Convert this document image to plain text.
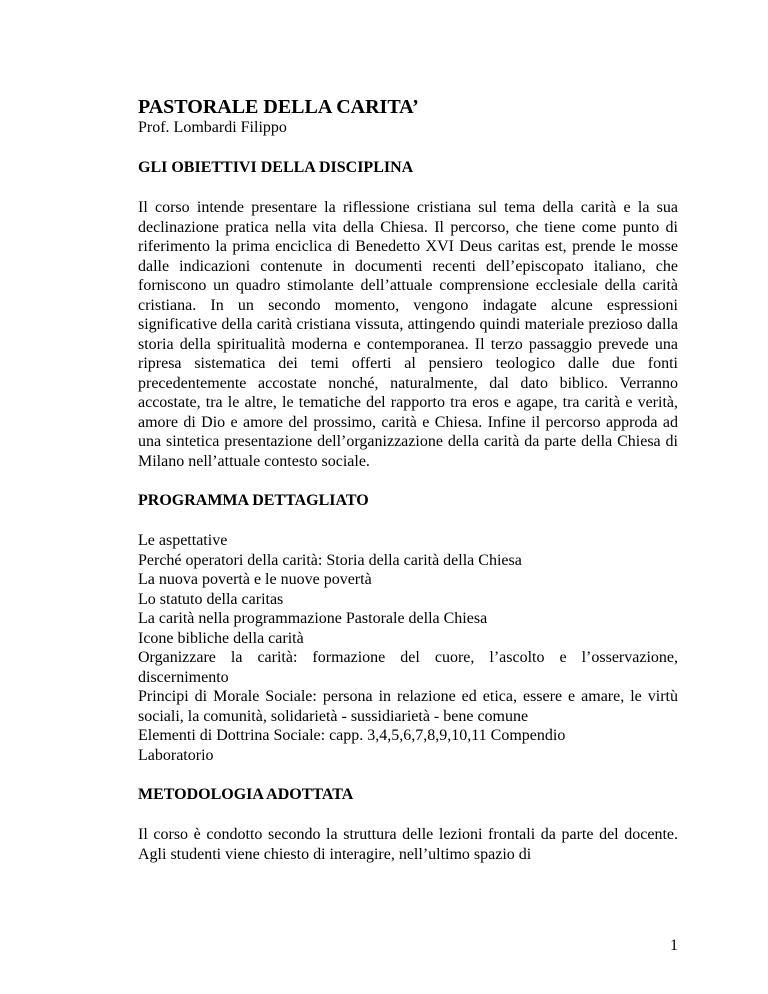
PASTORALE DELLA CARITA’

Prof. Lombardi Filippo

GLI OBIETTIVI DELLA DISCIPLINA

Il corso intende presentare la riflessione cristiana sul tema della carità e la sua declinazione pratica nella vita della Chiesa. Il percorso, che tiene come punto di riferimento la prima enciclica di Benedetto XVI Deus caritas est, prende le mosse dalle indicazioni contenute in documenti recenti dell’episcopato italiano, che forniscono un quadro stimolante dell’attuale comprensione ecclesiale della carità cristiana. In un secondo momento, vengono indagate alcune espressioni significative della carità cristiana vissuta, attingendo quindi materiale prezioso dalla storia della spiritualità moderna e contemporanea. Il terzo passaggio prevede una ripresa sistematica dei temi offerti al pensiero teologico dalle due fonti precedentemente accostate nonché, naturalmente, dal dato biblico. Verranno accostate, tra le altre, le tematiche del rapporto tra eros e agape, tra carità e verità, amore di Dio e amore del prossimo, carità e Chiesa. Infine il percorso approda ad una sintetica presentazione dell’organizzazione della carità da parte della Chiesa di Milano nell’attuale contesto sociale.

PROGRAMMA DETTAGLIATO
Le aspettative
Perché operatori della carità: Storia della carità della Chiesa
La nuova povertà e le nuove povertà
Lo statuto della caritas
La carità nella programmazione Pastorale della Chiesa
Icone bibliche della carità
Organizzare la carità: formazione del cuore, l’ascolto e l’osservazione, discernimento
Principi di Morale Sociale: persona in relazione ed etica, essere e amare, le virtù sociali, la comunità, solidarietà - sussidiarietà - bene comune
Elementi di Dottrina Sociale: capp. 3,4,5,6,7,8,9,10,11 Compendio
Laboratorio
METODOLOGIA ADOTTATA

Il corso è condotto secondo la struttura delle lezioni frontali da parte del docente. Agli studenti viene chiesto di interagire, nell’ultimo spazio di

1
